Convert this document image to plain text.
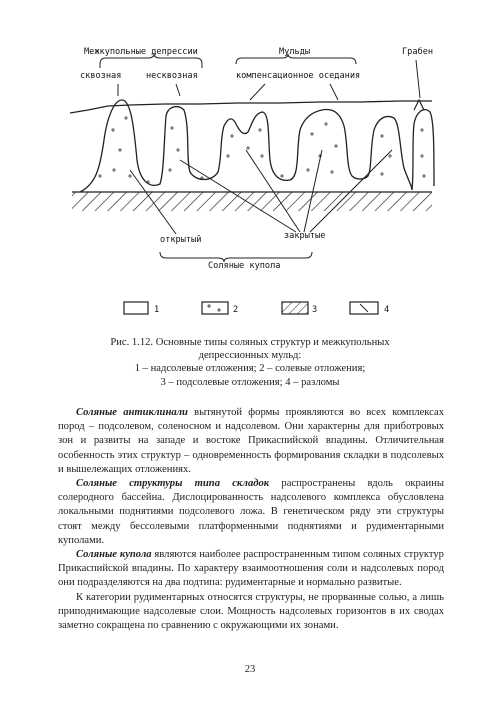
Межкупольные депрессии	Мульды	Грабен
сквозная	несквозная	компенсационное оседания
открытый	закрытые
Соляные купола
1	2	3	4
Рис. 1.12. Основные типы соляных структур и межкупольных
депрессионных мульд:
1 – надсолевые отложения; 2 – солевые отложения;
3 – подсолевые отложения; 4 – разломы

Соляные антиклинали вытянутой формы проявляются во всех комплексах пород – подсолевом, соленосном и надсолевом. Они характерны для приботровых зон и развиты на западе и востоке Прикаспийской впадины. Отличительная особенность этих структур – одновременность формирования складки в подсолевых и вышележащих отложениях.

Соляные структуры типа складок распространены вдоль окраины солеродного бассейна. Дислоцированность надсолевого комплекса обусловлена локальными поднятиями подсолевого ложа. В генетическом ряду эти структуры стоят между бессолевыми платформенными поднятиями и рудиментарными куполами.

Соляные купола являются наиболее распространенным типом соляных структур Прикаспийской впадины. По характеру взаимоотношения соли и надсолевых пород они подразделяются на два подтипа: рудиментарные и нормально развитые.

К категории рудиментарных относятся структуры, не прорванные солью, а лишь приподнимающие надсолевые слои. Мощность надсолевых горизонтов в их сводах заметно сокращена по сравнению с окружающими их зонами.

23
